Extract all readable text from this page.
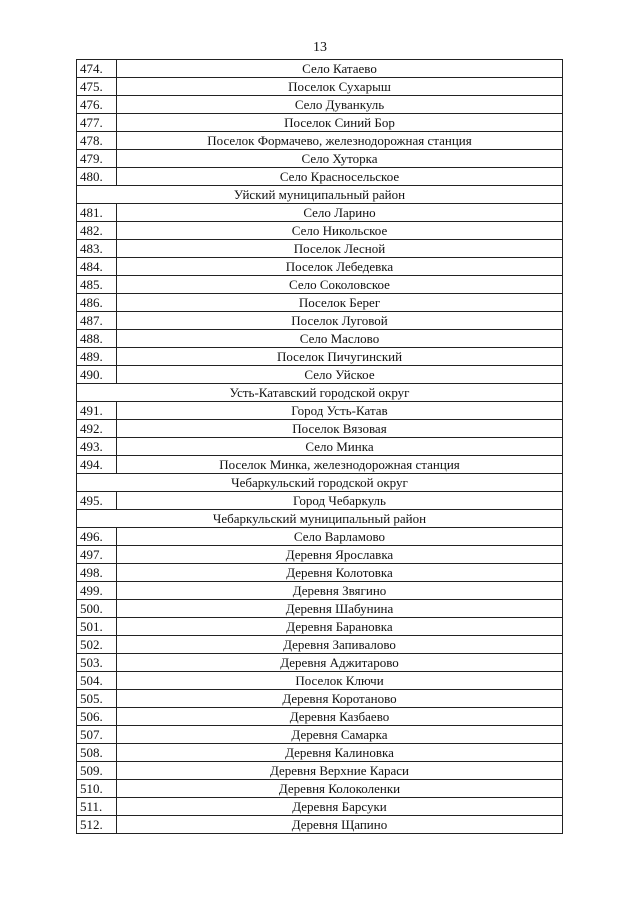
13
474.	Село Катаево
475.	Поселок Сухарыш
476.	Село Дуванкуль
477.	Поселок Синий Бор
478.	Поселок Формачево, железнодорожная станция
479.	Село Хуторка
480.	Село Красносельское
Уйский муниципальный район	
481.	Село Ларино
482.	Село Никольское
483.	Поселок Лесной
484.	Поселок Лебедевка
485.	Село Соколовское
486.	Поселок Берег
487.	Поселок Луговой
488.	Село Маслово
489.	Поселок Пичугинский
490.	Село Уйское
Усть-Катавский городской округ	
491.	Город Усть-Катав
492.	Поселок Вязовая
493.	Село Минка
494.	Поселок Минка, железнодорожная станция
Чебаркульский городской округ	
495.	Город Чебаркуль
Чебаркульский муниципальный район	
496.	Село Варламово
497.	Деревня Ярославка
498.	Деревня Колотовка
499.	Деревня Звягино
500.	Деревня Шабунина
501.	Деревня Барановка
502.	Деревня Запивалово
503.	Деревня Аджитарово
504.	Поселок Ключи
505.	Деревня Коротаново
506.	Деревня Казбаево
507.	Деревня Самарка
508.	Деревня Калиновка
509.	Деревня Верхние Караси
510.	Деревня Колоколенки
511.	Деревня Барсуки
512.	Деревня Щапино
